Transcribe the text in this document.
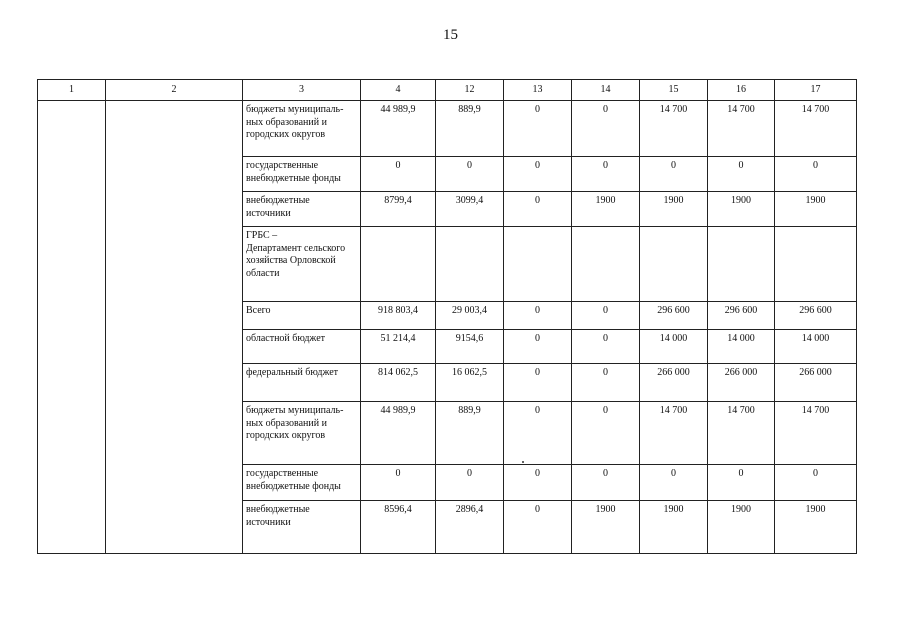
15
1	2	3	4	12	13	14	15	16	17
		бюджеты муниципаль-
ных образований и
городских округов	44 989,9	889,9	0	0	14 700	14 700	14 700
		государственные
внебюджетные фонды	0	0	0	0	0	0	0
		внебюджетные
источники	8799,4	3099,4	0	1900	1900	1900	1900
		ГРБС –
Департамент сельского
хозяйства Орловской
области							
		Всего	918 803,4	29 003,4	0	0	296 600	296 600	296 600
		областной бюджет	51 214,4	9154,6	0	0	14 000	14 000	14 000
		федеральный бюджет	814 062,5	16 062,5	0	0	266 000	266 000	266 000
		бюджеты муниципаль-
ных образований и
городских округов	44 989,9	889,9	0	0	14 700	14 700	14 700
		государственные
внебюджетные фонды	0	0	0	0	0	0	0
		внебюджетные
источники	8596,4	2896,4	0	1900	1900	1900	1900
